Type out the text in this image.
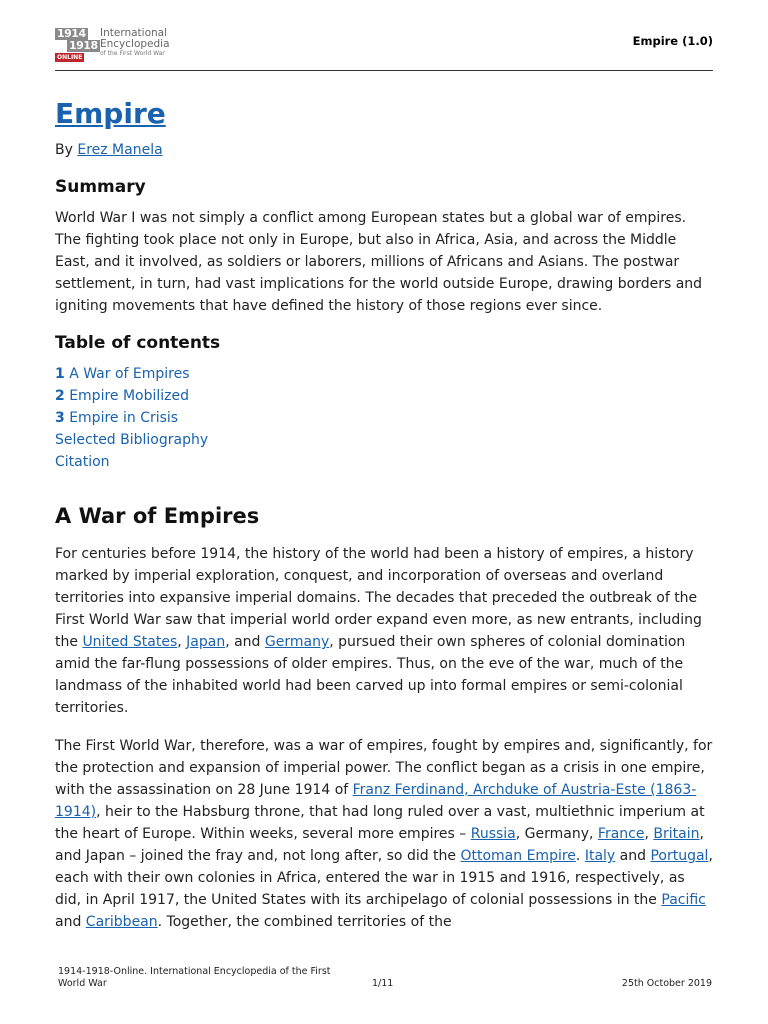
1914
1918
ONLINE
International
Encyclopedia
of the First World War
Empire (1.0)
Empire
By Erez Manela
Summary

World War I was not simply a conflict among European states but a global war of empires. The fighting took place not only in Europe, but also in Africa, Asia, and across the Middle East, and it involved, as soldiers or laborers, millions of Africans and Asians. The postwar settlement, in turn, had vast implications for the world outside Europe, drawing borders and igniting movements that have defined the history of those regions ever since.

Table of contents
1 A War of Empires
2 Empire Mobilized
3 Empire in Crisis
Selected Bibliography
Citation
A War of Empires

For centuries before 1914, the history of the world had been a history of empires, a history marked by imperial exploration, conquest, and incorporation of overseas and overland territories into expansive imperial domains. The decades that preceded the outbreak of the First World War saw that imperial world order expand even more, as new entrants, including the United States, Japan, and Germany, pursued their own spheres of colonial domination amid the far-flung possessions of older empires. Thus, on the eve of the war, much of the landmass of the inhabited world had been carved up into formal empires or semi-colonial territories.

The First World War, therefore, was a war of empires, fought by empires and, significantly, for the protection and expansion of imperial power. The conflict began as a crisis in one empire, with the assassination on 28 June 1914 of Franz Ferdinand, Archduke of Austria-Este (1863-1914), heir to the Habsburg throne, that had long ruled over a vast, multiethnic imperium at the heart of Europe. Within weeks, several more empires – Russia, Germany, France, Britain, and Japan – joined the fray and, not long after, so did the Ottoman Empire. Italy and Portugal, each with their own colonies in Africa, entered the war in 1915 and 1916, respectively, as did, in April 1917, the United States with its archipelago of colonial possessions in the Pacific and Caribbean. Together, the combined territories of the

1914-1918-Online. International Encyclopedia of the First World War	1/11	25th October 2019
